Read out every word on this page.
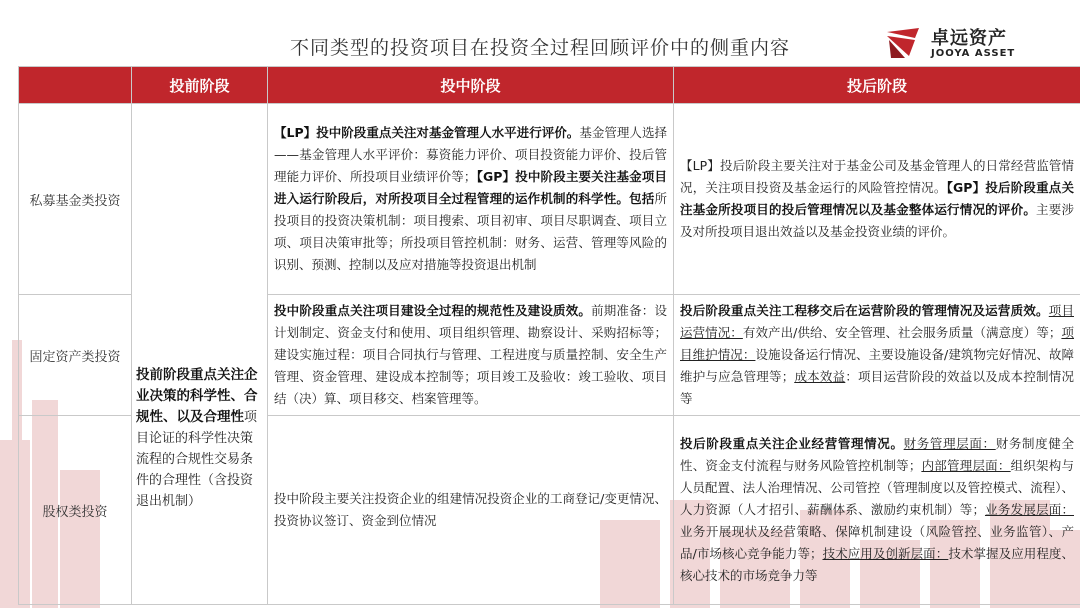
不同类型的投资项目在投资全过程回顾评价中的侧重内容	卓远资产
JOOYA ASSET
	投前阶段	投中阶段	投后阶段
私募基金类投资	投前阶段重点关注企业决策的科学性、合规性、以及合理性项目论证的科学性决策流程的合规性交易条件的合理性（含投资退出机制）	【LP】投中阶段重点关注对基金管理人水平进行评价。基金管理人选择——基金管理人水平评价：募资能力评价、项目投资能力评价、投后管理能力评价、所投项目业绩评价等；【GP】投中阶段主要关注基金项目进入运行阶段后，对所投项目全过程管理的运作机制的科学性。包括所投项目的投资决策机制：项目搜索、项目初审、项目尽职调查、项目立项、项目决策审批等；所投项目管控机制：财务、运营、管理等风险的识别、预测、控制以及应对措施等投资退出机制	【LP】投后阶段主要关注对于基金公司及基金管理人的日常经营监管情况，关注项目投资及基金运行的风险管控情况。【GP】投后阶段重点关注基金所投项目的投后管理情况以及基金整体运行情况的评价。主要涉及对所投项目退出效益以及基金投资业绩的评价。
固定资产类投资		投中阶段重点关注项目建设全过程的规范性及建设质效。前期准备：设计划制定、资金支付和使用、项目组织管理、勘察设计、采购招标等；建设实施过程：项目合同执行与管理、工程进度与质量控制、安全生产管理、资金管理、建设成本控制等；项目竣工及验收：竣工验收、项目结（决）算、项目移交、档案管理等。	投后阶段重点关注工程移交后在运营阶段的管理情况及运营质效。项目运营情况：有效产出/供给、安全管理、社会服务质量（满意度）等；项目维护情况：设施设备运行情况、主要设施设备/建筑物完好情况、故障维护与应急管理等；成本效益：项目运营阶段的效益以及成本控制情况等
股权类投资		投中阶段主要关注投资企业的组建情况投资企业的工商登记/变更情况、投资协议签订、资金到位情况	投后阶段重点关注企业经营管理情况。财务管理层面：财务制度健全性、资金支付流程与财务风险管控机制等；内部管理层面：组织架构与人员配置、法人治理情况、公司管控（管理制度以及管控模式、流程）、人力资源（人才招引、薪酬体系、激励约束机制）等；业务发展层面：业务开展现状及经营策略、保障机制建设（风险管控、业务监管）、产品/市场核心竞争能力等；技术应用及创新层面：技术掌握及应用程度、核心技术的市场竞争力等
